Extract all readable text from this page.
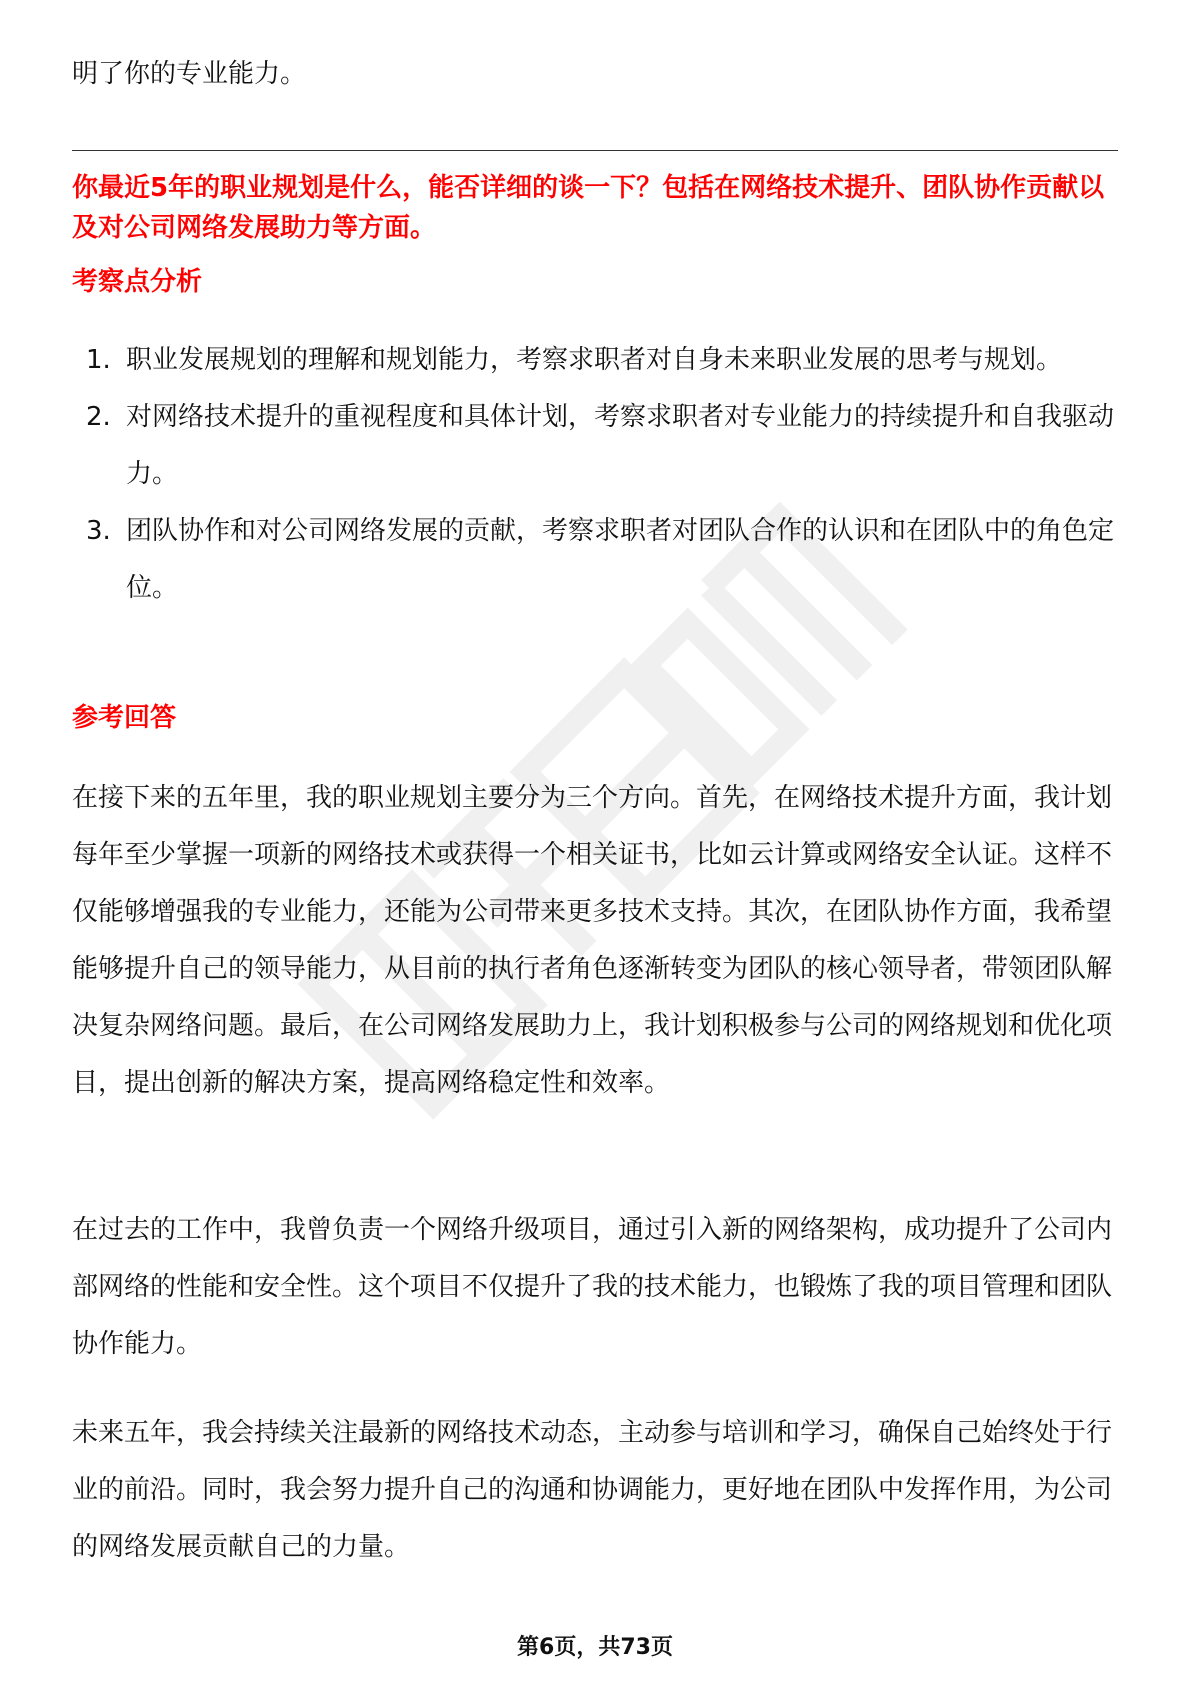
明了你的专业能力。

你最近5年的职业规划是什么，能否详细的谈一下？包括在网络技术提升、团队协作贡献以及对公司网络发展助力等方面。

考察点分析

1. 职业发展规划的理解和规划能力，考察求职者对自身未来职业发展的思考与规划。
2. 对网络技术提升的重视程度和具体计划，考察求职者对专业能力的持续提升和自我驱动力。
3. 团队协作和对公司网络发展的贡献，考察求职者对团队合作的认识和在团队中的角色定位。

参考回答

在接下来的五年里，我的职业规划主要分为三个方向。首先，在网络技术提升方面，我计划每年至少掌握一项新的网络技术或获得一个相关证书，比如云计算或网络安全认证。这样不仅能够增强我的专业能力，还能为公司带来更多技术支持。其次，在团队协作方面，我希望能够提升自己的领导能力，从目前的执行者角色逐渐转变为团队的核心领导者，带领团队解决复杂网络问题。最后，在公司网络发展助力上，我计划积极参与公司的网络规划和优化项目，提出创新的解决方案，提高网络稳定性和效率。

在过去的工作中，我曾负责一个网络升级项目，通过引入新的网络架构，成功提升了公司内部网络的性能和安全性。这个项目不仅提升了我的技术能力，也锻炼了我的项目管理和团队协作能力。

未来五年，我会持续关注最新的网络技术动态，主动参与培训和学习，确保自己始终处于行业的前沿。同时，我会努力提升自己的沟通和协调能力，更好地在团队中发挥作用，为公司的网络发展贡献自己的力量。

第6页，共73页
